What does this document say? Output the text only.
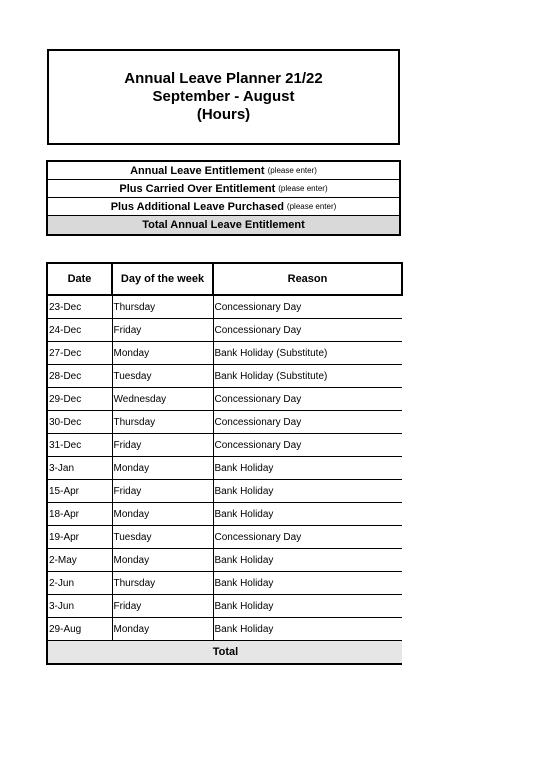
Annual Leave Planner 21/22
September - August
(Hours)
Annual Leave Entitlement (please enter)
Plus Carried Over Entitlement (please enter)
Plus Additional Leave Purchased (please enter)
Total Annual Leave Entitlement
Date	Day of the week	Reason
23-Dec	Thursday	Concessionary Day
24-Dec	Friday	Concessionary Day
27-Dec	Monday	Bank Holiday (Substitute)
28-Dec	Tuesday	Bank Holiday (Substitute)
29-Dec	Wednesday	Concessionary Day
30-Dec	Thursday	Concessionary Day
31-Dec	Friday	Concessionary Day
3-Jan	Monday	Bank Holiday
15-Apr	Friday	Bank Holiday
18-Apr	Monday	Bank Holiday
19-Apr	Tuesday	Concessionary Day
2-May	Monday	Bank Holiday
2-Jun	Thursday	Bank Holiday
3-Jun	Friday	Bank Holiday
29-Aug	Monday	Bank Holiday
Total		
